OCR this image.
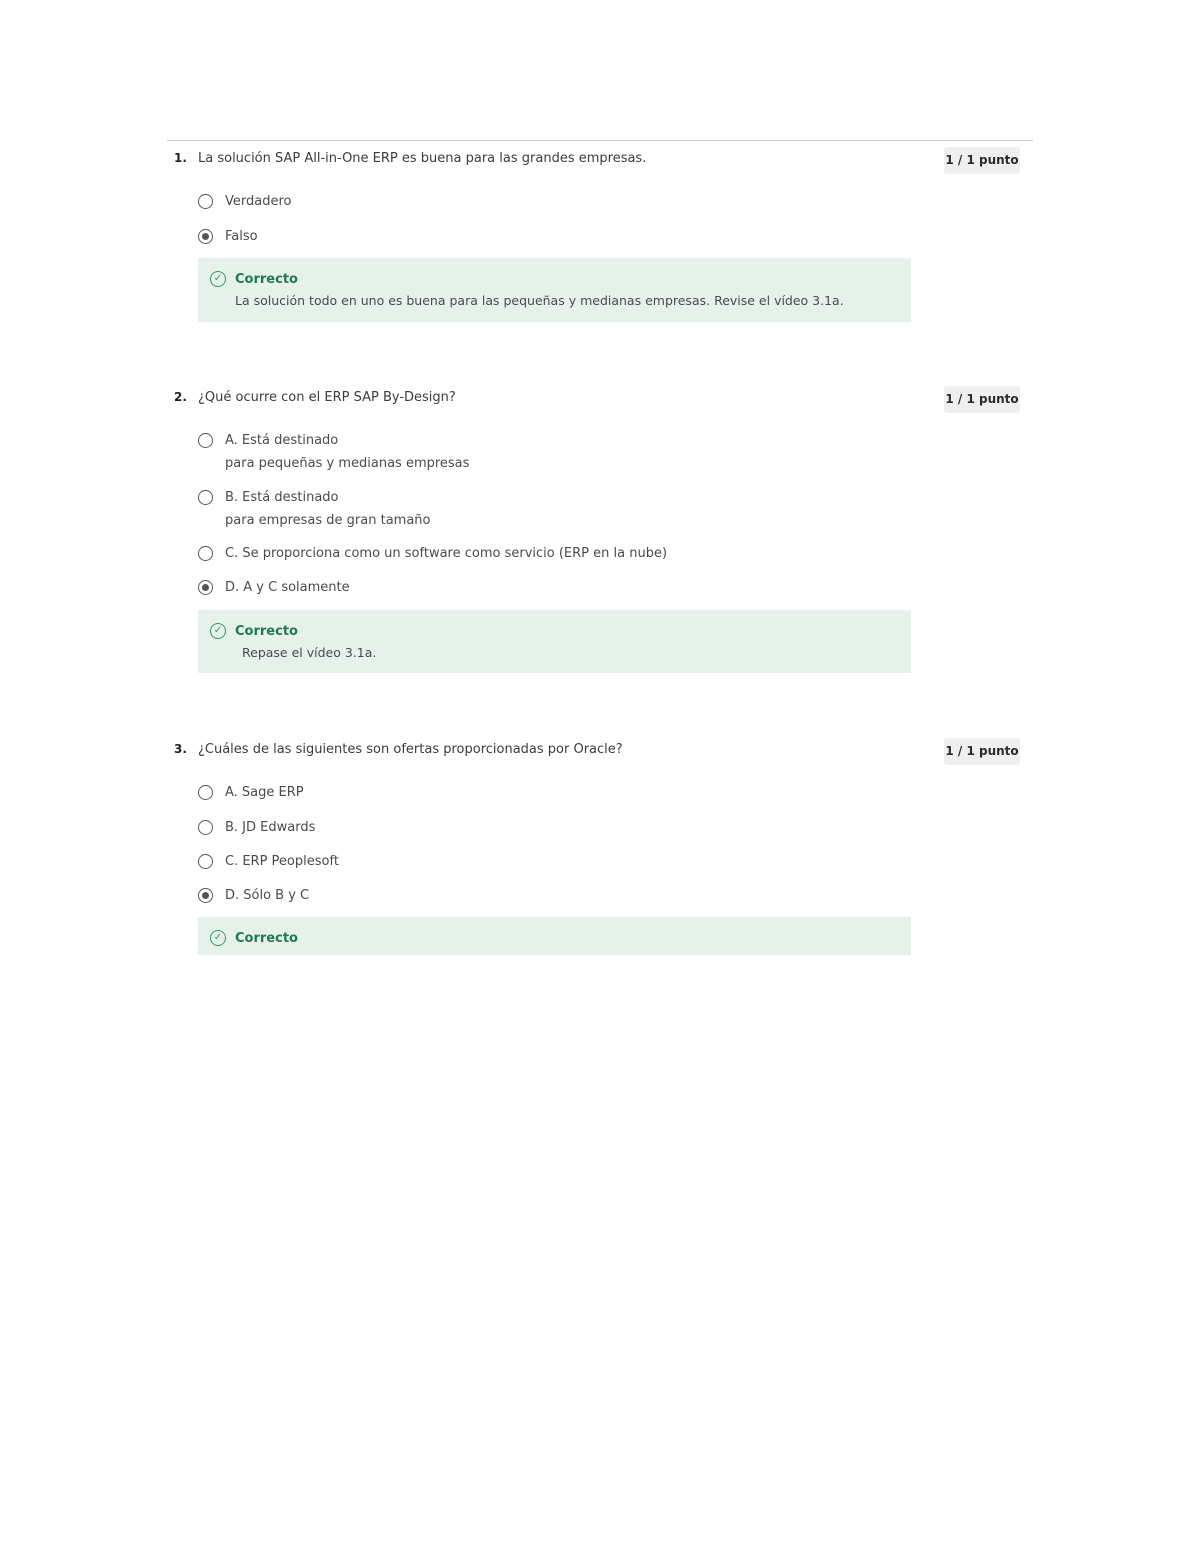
1. La solución SAP All-in-One ERP es buena para las grandes empresas.	1 / 1 punto
Verdadero
Falso
✓ Correcto
La solución todo en uno es buena para las pequeñas y medianas empresas. Revise el vídeo 3.1a.
2. ¿Qué ocurre con el ERP SAP By-Design?	1 / 1 punto
A. Está destinado
para pequeñas y medianas empresas
B. Está destinado
para empresas de gran tamaño
C. Se proporciona como un software como servicio (ERP en la nube)
D. A y C solamente
✓ Correcto
Repase el vídeo 3.1a.
3. ¿Cuáles de las siguientes son ofertas proporcionadas por Oracle?	1 / 1 punto
A. Sage ERP
B. JD Edwards
C. ERP Peoplesoft
D. Sólo B y C
✓ Correcto
